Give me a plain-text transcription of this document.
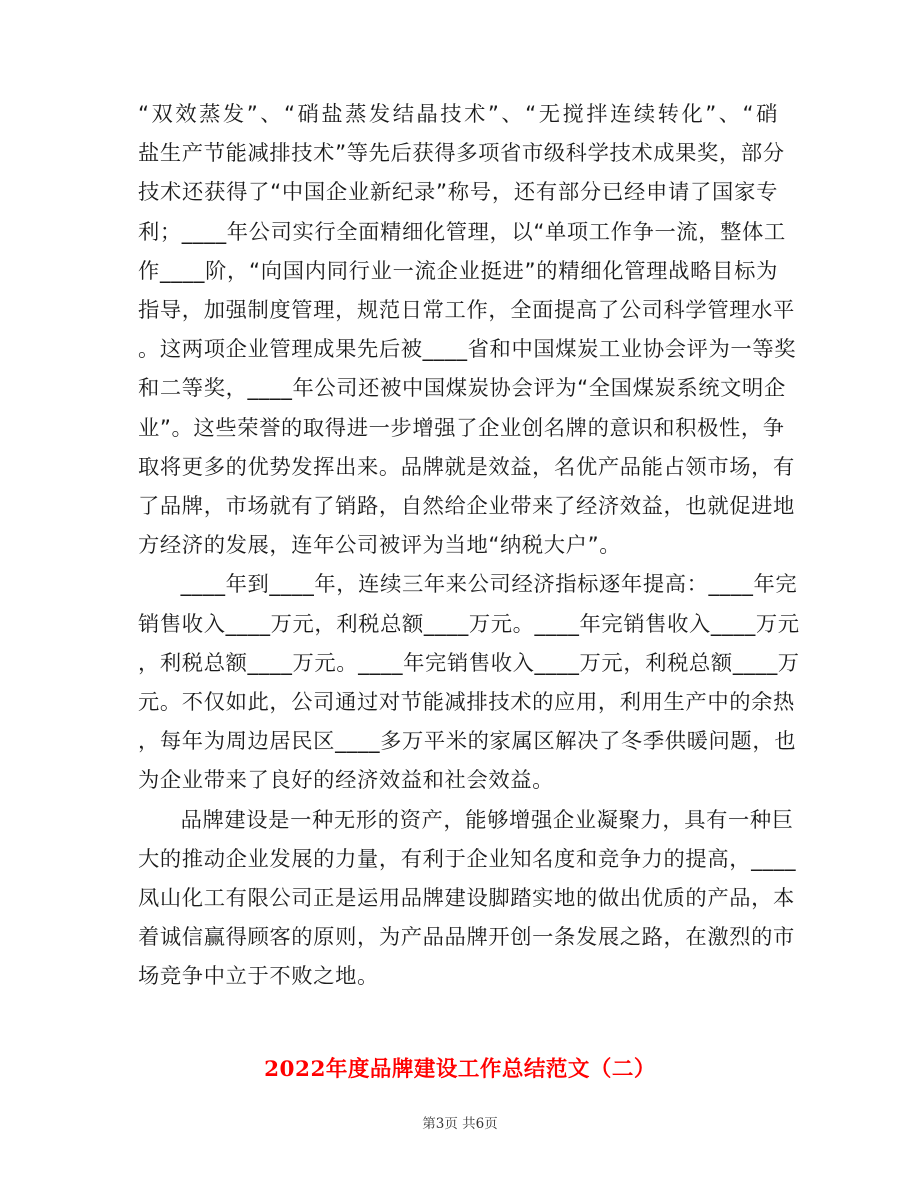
“双效蒸发”、“硝盐蒸发结晶技术”、“无搅拌连续转化”、“硝
盐生产节能减排技术”等先后获得多项省市级科学技术成果奖，部分
技术还获得了“中国企业新纪录”称号，还有部分已经申请了国家专
利；____年公司实行全面精细化管理，以“单项工作争一流，整体工
作____阶，“向国内同行业一流企业挺进”的精细化管理战略目标为
指导，加强制度管理，规范日常工作，全面提高了公司科学管理水平
。这两项企业管理成果先后被____省和中国煤炭工业协会评为一等奖
和二等奖，____年公司还被中国煤炭协会评为“全国煤炭系统文明企
业”。这些荣誉的取得进一步增强了企业创名牌的意识和积极性，争
取将更多的优势发挥出来。品牌就是效益，名优产品能占领市场，有
了品牌，市场就有了销路，自然给企业带来了经济效益，也就促进地
方经济的发展，连年公司被评为当地“纳税大户”。

____年到____年，连续三年来公司经济指标逐年提高：____年完
销售收入____万元，利税总额____万元。____年完销售收入____万元
，利税总额____万元。____年完销售收入____万元，利税总额____万
元。不仅如此，公司通过对节能减排技术的应用，利用生产中的余热
，每年为周边居民区____多万平米的家属区解决了冬季供暖问题，也
为企业带来了良好的经济效益和社会效益。

品牌建设是一种无形的资产，能够增强企业凝聚力，具有一种巨
大的推动企业发展的力量，有利于企业知名度和竞争力的提高，____
凤山化工有限公司正是运用品牌建设脚踏实地的做出优质的产品，本
着诚信赢得顾客的原则，为产品品牌开创一条发展之路，在激烈的市
场竞争中立于不败之地。

2022年度品牌建设工作总结范文（二）
第3页 共6页
